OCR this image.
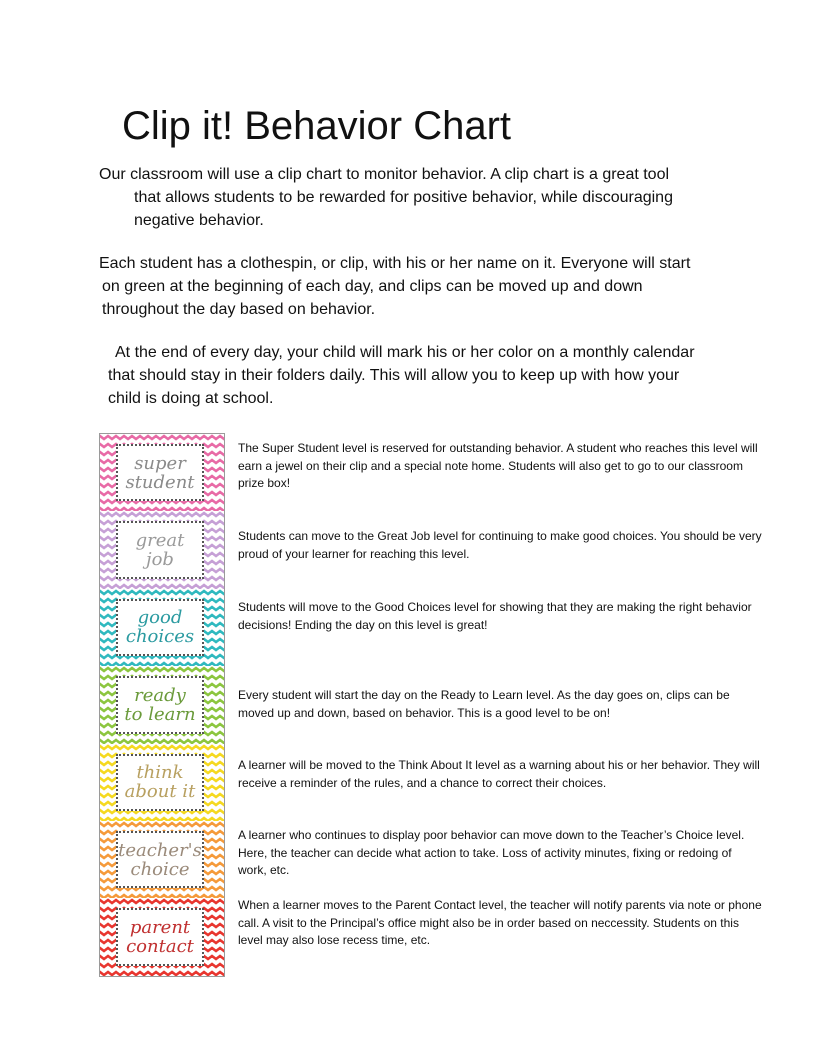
Clip it! Behavior Chart

Our classroom will use a clip chart to monitor behavior. A clip chart is a great tool
that allows students to be rewarded for positive behavior, while discouraging
negative behavior.

Each student has a clothespin, or clip, with his or her name on it. Everyone will start
on green at the beginning of each day, and clips can be moved up and down
throughout the day based on behavior.

At the end of every day, your child will mark his or her color on a monthly calendar
that should stay in their folders daily. This will allow you to keep up with how your
child is doing at school.

super
student
great
job
good
choices
ready
to learn
think
about it
teacher's
choice
parent
contact

The Super Student level is reserved for outstanding behavior. A student who reaches this level will earn a jewel on their clip and a special note home. Students will also get to go to our classroom prize box!

Students can move to the Great Job level for continuing to make good choices. You should be very proud of your learner for reaching this level.

Students will move to the Good Choices level for showing that they are making the right behavior decisions! Ending the day on this level is great!

Every student will start the day on the Ready to Learn level. As the day goes on, clips can be moved up and down, based on behavior. This is a good level to be on!

A learner will be moved to the Think About It level as a warning about his or her behavior. They will receive a reminder of the rules, and a chance to correct their choices.

A learner who continues to display poor behavior can move down to the Teacher’s Choice level. Here, the teacher can decide what action to take. Loss of activity minutes, fixing or redoing of work, etc.

When a learner moves to the Parent Contact level, the teacher will notify parents via note or phone call. A visit to the Principal’s office might also be in order based on neccessity. Students on this level may also lose recess time, etc.
